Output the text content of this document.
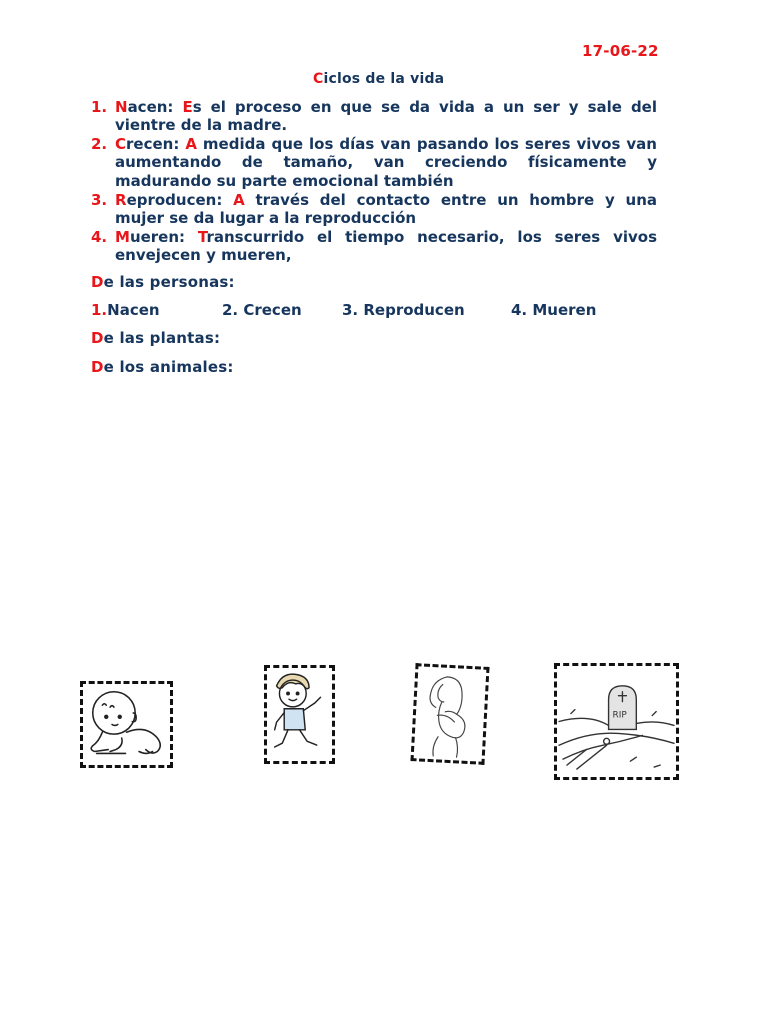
17-06-22
Ciclos de la vida
1. Nacen: Es el proceso en que se da vida a un ser y sale del vientre de la madre.
2. Crecen: A medida que los días van pasando los seres vivos van aumentando de tamaño, van creciendo físicamente y madurando su parte emocional también
3. Reproducen: A través del contacto entre un hombre y una mujer se da lugar a la reproducción
4. Mueren: Transcurrido el tiempo necesario, los seres vivos envejecen y mueren,
De las personas:
1.Nacen	2. Crecen	3. Reproducen	4. Mueren
De las plantas:
De los animales:
RIP
